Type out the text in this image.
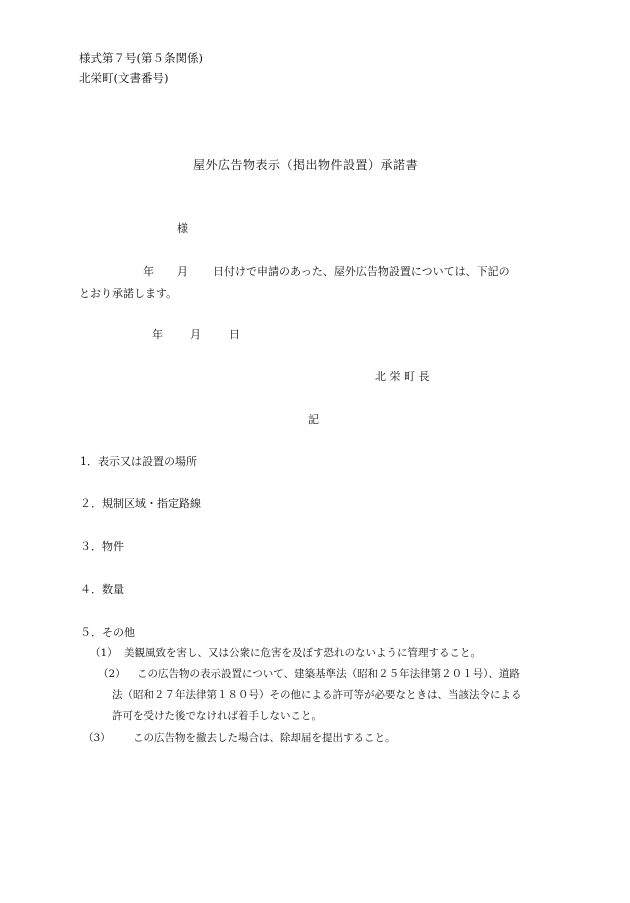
様式第７号(第５条関係)
北栄町(文書番号)
屋外広告物表示（掲出物件設置）承諾書
様
年 月 日付けで申請のあった、屋外広告物設置については、下記の
とおり承諾します。
年 月	日
北 栄 町 長
記
1．表示又は設置の場所
２．規制区域・指定路線
３．物件
４．数量
５．その他
（1） 美観風致を害し、又は公衆に危害を及ぼす恐れのないように管理すること。
（2） この広告物の表示設置について、建築基準法（昭和２５年法律第２０１号）、道路
法（昭和２７年法律第１８０号）その他による許可等が必要なときは、当該法令による
許可を受けた後でなければ着手しないこと。
（3） この広告物を撤去した場合は、除却届を提出すること。
